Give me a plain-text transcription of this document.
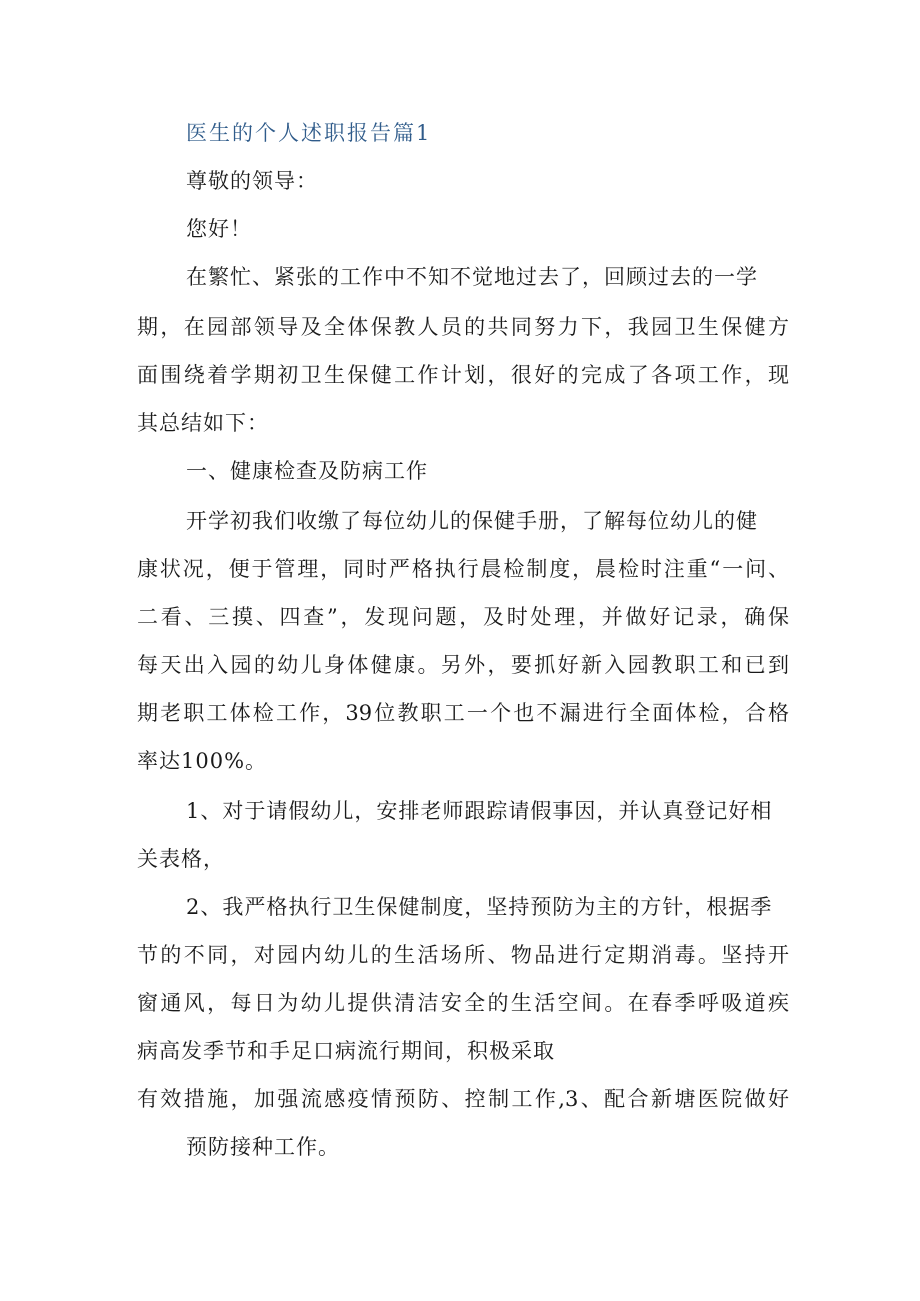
医生的个人述职报告篇1
尊敬的领导：
您好！
在繁忙、紧张的工作中不知不觉地过去了，回顾过去的一学
期，在园部领导及全体保教人员的共同努力下，我园卫生保健方
面围绕着学期初卫生保健工作计划，很好的完成了各项工作，现
其总结如下：
一、健康检查及防病工作
开学初我们收缴了每位幼儿的保健手册，了解每位幼儿的健
康状况，便于管理，同时严格执行晨检制度，晨检时注重“一问、
二看、三摸、四查”，发现问题，及时处理，并做好记录，确保
每天出入园的幼儿身体健康。另外，要抓好新入园教职工和已到
期老职工体检工作，39位教职工一个也不漏进行全面体检，合格
率达100%。
1、对于请假幼儿，安排老师跟踪请假事因，并认真登记好相
关表格，
2、我严格执行卫生保健制度，坚持预防为主的方针，根据季
节的不同，对园内幼儿的生活场所、物品进行定期消毒。坚持开
窗通风，每日为幼儿提供清洁安全的生活空间。在春季呼吸道疾
病高发季节和手足口病流行期间，积极采取
有效措施，加强流感疫情预防、控制工作,3、配合新塘医院做好
预防接种工作。
